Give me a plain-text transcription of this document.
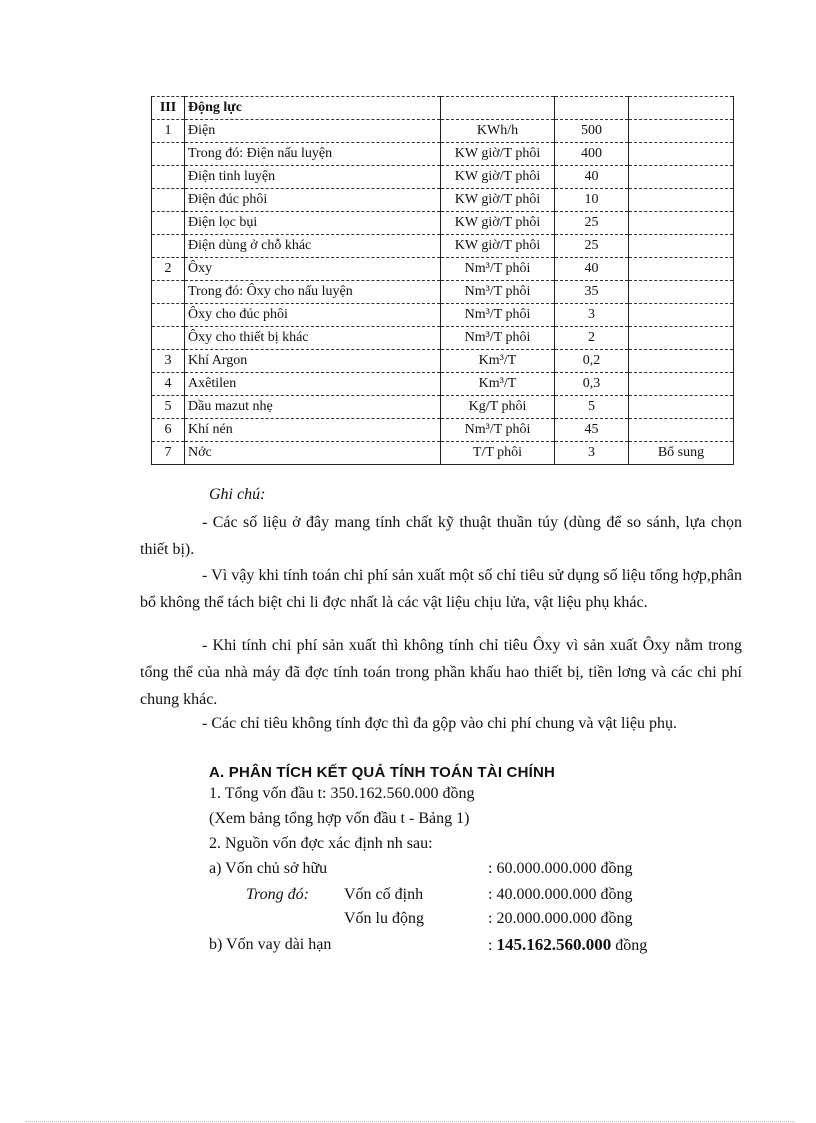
III	Động lực			
1	Điện	KWh/h	500	
	Trong đó: Điện nấu luyện	KW giờ/T phôi	400	
	Điện tinh luyện	KW giờ/T phôi	40	
	Điện đúc phôi	KW giờ/T phôi	10	
	Điện lọc bụi	KW giờ/T phôi	25	
	Điện dùng ở chỗ khác	KW giờ/T phôi	25	
2	Ôxy	Nm³/T phôi	40	
	Trong đó: Ôxy cho nấu luyện	Nm³/T phôi	35	
	Ôxy cho đúc phôi	Nm³/T phôi	3	
	Ôxy cho thiết bị khác	Nm³/T phôi	2	
3	Khí Argon	Km³/T	0,2	
4	Axêtilen	Km³/T	0,3	
5	Dầu mazut nhẹ	Kg/T phôi	5	
6	Khí nén	Nm³/T phôi	45	
7	Nớc	T/T phôi	3	Bổ sung
Ghi chú:

- Các số liệu ở đây mang tính chất kỹ thuật thuần túy (dùng để so sánh, lựa chọn thiết bị).

- Vì vậy khi tính toán chi phí sản xuất một số chỉ tiêu sử dụng số liệu tổng hợp,phân bổ không thể tách biệt chi li đợc nhất là các vật liệu chịu lửa, vật liệu phụ khác.

- Khi tính chi phí sản xuất thì không tính chỉ tiêu Ôxy vì sản xuất Ôxy nằm trong tổng thể của nhà máy đã đợc tính toán trong phần khấu hao thiết bị, tiền lơng và các chi phí chung khác.

- Các chỉ tiêu không tính đợc thì đa gộp vào chi phí chung và vật liệu phụ.

A. PHÂN TÍCH KẾT QUẢ TÍNH TOÁN TÀI CHÍNH
1. Tổng vốn đầu t: 350.162.560.000 đồng
(Xem bảng tổng hợp vốn đầu t - Bảng 1)
2. Nguồn vốn đợc xác định nh sau:
a) Vốn chủ sở hữu	: 60.000.000.000 đồng
Trong đó: Vốn cố định	: 40.000.000.000 đồng
Vốn lu động	: 20.000.000.000 đồng
b) Vốn vay dài hạn	: 145.162.560.000 đồng
